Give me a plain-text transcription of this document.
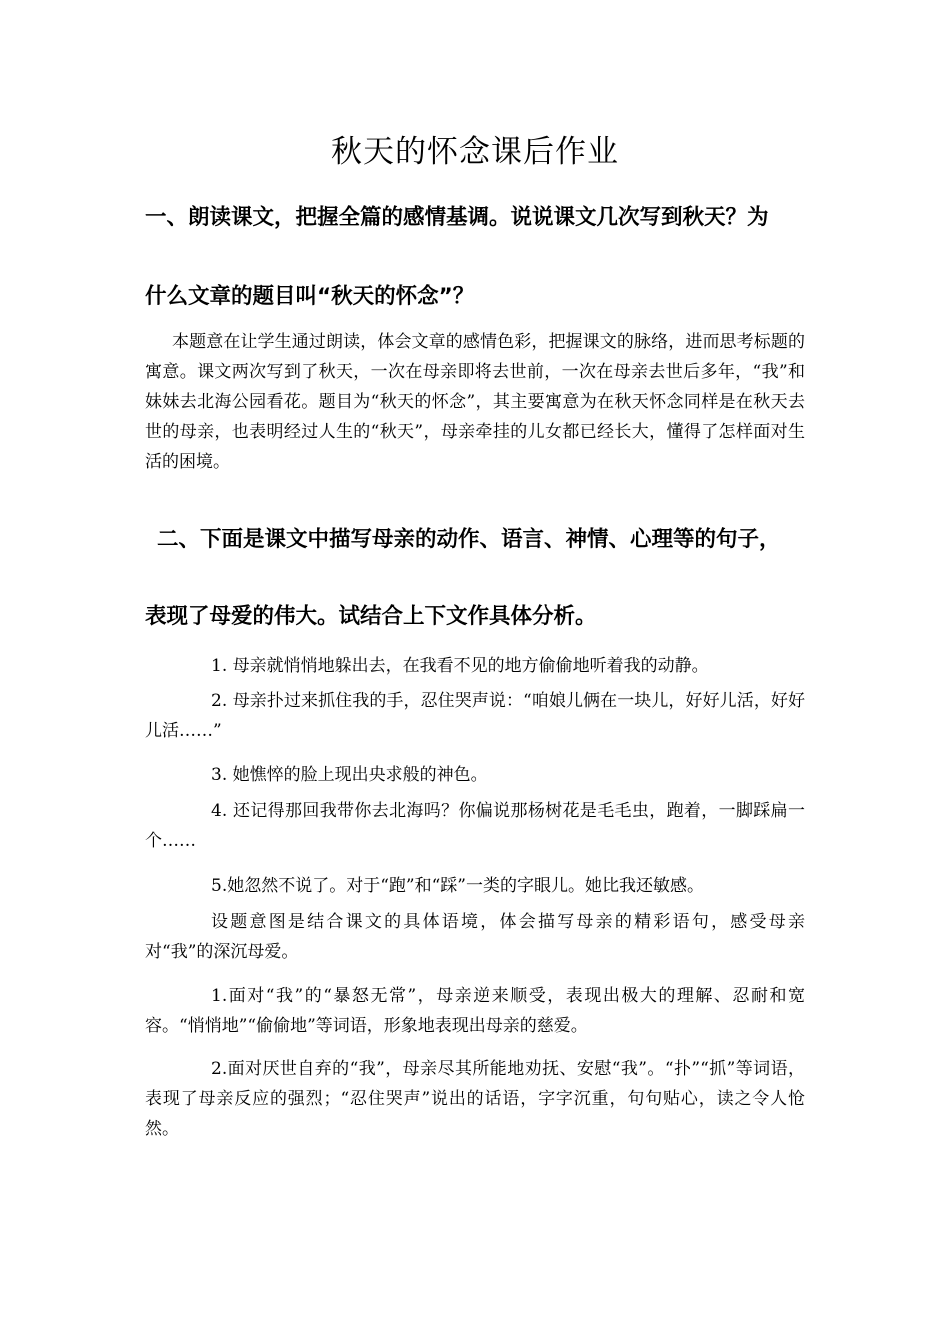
秋天的怀念课后作业
一、朗读课文，把握全篇的感情基调。说说课文几次写到秋天？为
什么文章的题目叫“秋天的怀念”？
本题意在让学生通过朗读，体会文章的感情色彩，把握课文的脉络，进而思考标题的寓意。课文两次写到了秋天，一次在母亲即将去世前，一次在母亲去世后多年，“我”和妹妹去北海公园看花。题目为“秋天的怀念”，其主要寓意为在秋天怀念同样是在秋天去世的母亲，也表明经过人生的“秋天”，母亲牵挂的儿女都已经长大，懂得了怎样面对生活的困境。
二、下面是课文中描写母亲的动作、语言、神情、心理等的句子，
表现了母爱的伟大。试结合上下文作具体分析。
1. 母亲就悄悄地躲出去，在我看不见的地方偷偷地听着我的动静。
2. 母亲扑过来抓住我的手，忍住哭声说：“咱娘儿俩在一块儿，好好儿活，好好儿活……”
3. 她憔悴的脸上现出央求般的神色。
4. 还记得那回我带你去北海吗？你偏说那杨树花是毛毛虫，跑着，一脚踩扁一个……
5.她忽然不说了。对于“跑”和“踩”一类的字眼儿。她比我还敏感。
设题意图是结合课文的具体语境，体会描写母亲的精彩语句，感受母亲对“我”的深沉母爱。
1.面对“我”的“暴怒无常”，母亲逆来顺受，表现出极大的理解、忍耐和宽容。“悄悄地”“偷偷地”等词语，形象地表现出母亲的慈爱。
2.面对厌世自弃的“我”，母亲尽其所能地劝抚、安慰“我”。“扑”“抓”等词语，表现了母亲反应的强烈；“忍住哭声”说出的话语，字字沉重，句句贴心，读之令人怆然。
